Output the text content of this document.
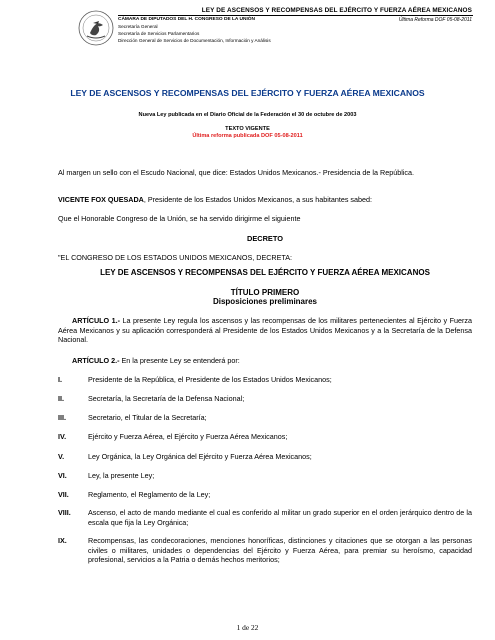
LEY DE ASCENSOS Y RECOMPENSAS DEL EJÉRCITO Y FUERZA AÉREA MEXICANOS
CÁMARA DE DIPUTADOS DEL H. CONGRESO DE LA UNIÓN
Secretaría General
Secretaría de Servicios Parlamentarios
Dirección General de Servicios de Documentación, Información y Análisis
Última Reforma DOF 05-08-2011
LEY DE ASCENSOS Y RECOMPENSAS DEL EJÉRCITO Y FUERZA AÉREA MEXICANOS
Nueva Ley publicada en el Diario Oficial de la Federación el 30 de octubre de 2003
TEXTO VIGENTE
Última reforma publicada DOF 05-08-2011
Al margen un sello con el Escudo Nacional, que dice: Estados Unidos Mexicanos.- Presidencia de la República.
VICENTE FOX QUESADA, Presidente de los Estados Unidos Mexicanos, a sus habitantes sabed:
Que el Honorable Congreso de la Unión, se ha servido dirigirme el siguiente
DECRETO
"EL CONGRESO DE LOS ESTADOS UNIDOS MEXICANOS, DECRETA:
LEY DE ASCENSOS Y RECOMPENSAS DEL EJÉRCITO Y FUERZA AÉREA MEXICANOS
TÍTULO PRIMERO
Disposiciones preliminares
ARTÍCULO 1.- La presente Ley regula los ascensos y las recompensas de los militares pertenecientes al Ejército y Fuerza Aérea Mexicanos y su aplicación corresponderá al Presidente de los Estados Unidos Mexicanos y a la Secretaría de la Defensa Nacional.
ARTÍCULO 2.- En la presente Ley se entenderá por:
I.	Presidente de la República, el Presidente de los Estados Unidos Mexicanos;
II.	Secretaría, la Secretaría de la Defensa Nacional;
III.	Secretario, el Titular de la Secretaría;
IV.	Ejército y Fuerza Aérea, el Ejército y Fuerza Aérea Mexicanos;
V.	Ley Orgánica, la Ley Orgánica del Ejército y Fuerza Aérea Mexicanos;
VI.	Ley, la presente Ley;
VII.	Reglamento, el Reglamento de la Ley;
VIII. Ascenso, el acto de mando mediante el cual es conferido al militar un grado superior en el orden jerárquico dentro de la escala que fija la Ley Orgánica;
IX.	Recompensas, las condecoraciones, menciones honoríficas, distinciones y citaciones que se otorgan a las personas civiles o militares, unidades o dependencias del Ejército y Fuerza Aérea, para premiar su heroísmo, capacidad profesional, servicios a la Patria o demás hechos meritorios;
1 de 22
